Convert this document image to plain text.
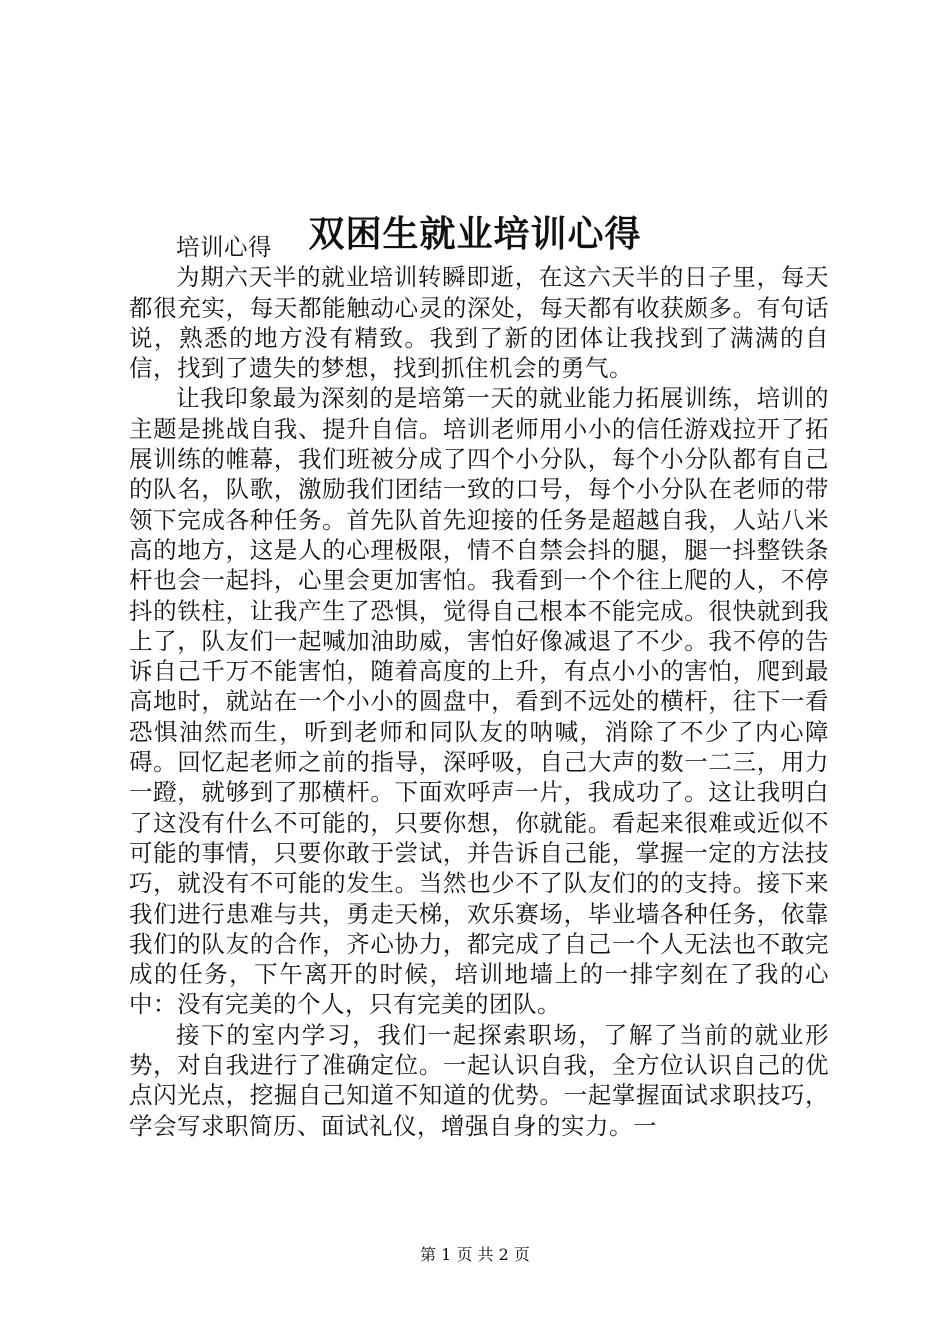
双困生就业培训心得

培训心得

为期六天半的就业培训转瞬即逝，在这六天半的日子里，每天都很充实，每天都能触动心灵的深处，每天都有收获颇多。有句话说，熟悉的地方没有精致。我到了新的团体让我找到了满满的自信，找到了遗失的梦想，找到抓住机会的勇气。

让我印象最为深刻的是培第一天的就业能力拓展训练，培训的主题是挑战自我、提升自信。培训老师用小小的信任游戏拉开了拓展训练的帷幕，我们班被分成了四个小分队，每个小分队都有自己的队名，队歌，激励我们团结一致的口号，每个小分队在老师的带领下完成各种任务。首先队首先迎接的任务是超越自我，人站八米高的地方，这是人的心理极限，情不自禁会抖的腿，腿一抖整铁条杆也会一起抖，心里会更加害怕。我看到一个个往上爬的人，不停抖的铁柱，让我产生了恐惧，觉得自己根本不能完成。很快就到我上了，队友们一起喊加油助威，害怕好像减退了不少。我不停的告诉自己千万不能害怕，随着高度的上升，有点小小的害怕，爬到最高地时，就站在一个小小的圆盘中，看到不远处的横杆，往下一看恐惧油然而生，听到老师和同队友的呐喊，消除了不少了内心障碍。回忆起老师之前的指导，深呼吸，自己大声的数一二三，用力一蹬，就够到了那横杆。下面欢呼声一片，我成功了。这让我明白了这没有什么不可能的，只要你想，你就能。看起来很难或近似不可能的事情，只要你敢于尝试，并告诉自己能，掌握一定的方法技巧，就没有不可能的发生。当然也少不了队友们的的支持。接下来我们进行患难与共，勇走天梯，欢乐赛场，毕业墙各种任务，依靠我们的队友的合作，齐心协力，都完成了自己一个人无法也不敢完成的任务，下午离开的时候，培训地墙上的一排字刻在了我的心中：没有完美的个人，只有完美的团队。

接下的室内学习，我们一起探索职场，了解了当前的就业形势，对自我进行了准确定位。一起认识自我，全方位认识自己的优点闪光点，挖掘自己知道不知道的优势。一起掌握面试求职技巧，学会写求职简历、面试礼仪，增强自身的实力。一

第 1 页 共 2 页
